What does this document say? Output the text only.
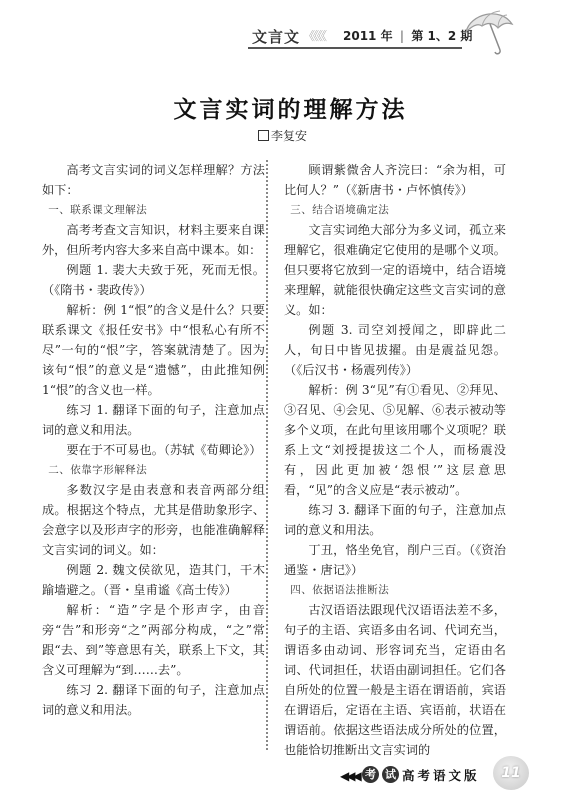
文言文 《《《《	2011 年 | 第 1、2 期
文言实词的理解方法
李复安

高考文言实词的词义怎样理解？方法如下：

一、联系课文理解法

高考考查文言知识，材料主要来自课外，但所考内容大多来自高中课本。如：

例题 1. 裴大夫致于死，死而无恨。（《隋书・裴政传》）

解析：例 1“恨”的含义是什么？只要联系课文《报任安书》中“恨私心有所不尽”一句的“恨”字，答案就清楚了。因为该句“恨”的意义是“遗憾”，由此推知例 1“恨”的含义也一样。

练习 1. 翻译下面的句子，注意加点词的意义和用法。

要在于不可易也。（苏轼《荀卿论》）

二、依靠字形解释法

多数汉字是由表意和表音两部分组成。根据这个特点，尤其是借助象形字、会意字以及形声字的形旁，也能准确解释文言实词的词义。如：

例题 2. 魏文侯欲见，造其门，干木踰墙避之。（晋・皇甫谧《高士传》）

解析：“造”字是个形声字，由音旁“告”和形旁“之”两部分构成，“之”常跟“去、到”等意思有关，联系上下文，其含义可理解为“到……去”。

练习 2. 翻译下面的句子，注意加点词的意义和用法。

顾谓紫微舍人齐浣曰：“余为相，可比何人？”（《新唐书・卢怀慎传》）

三、结合语境确定法

文言实词绝大部分为多义词，孤立来理解它，很难确定它使用的是哪个义项。但只要将它放到一定的语境中，结合语境来理解，就能很快确定这些文言实词的意义。如：

例题 3. 司空刘授闻之，即辟此二人，旬日中皆见拔擢。由是震益见怨。（《后汉书・杨震列传》）

解析：例 3“见”有①看见、②拜见、③召见、④会见、⑤见解、⑥表示被动等多个义项，在此句里该用哪个义项呢？联系上文“刘授提拔这二个人，而杨震没有，因此更加被‘怨恨’”这层意思看，“见”的含义应是“表示被动”。

练习 3. 翻译下面的句子，注意加点词的意义和用法。

丁丑，恪坐免官，削户三百。（《资治通鉴・唐记》）

四、依据语法推断法

古汉语语法跟现代汉语语法差不多，句子的主语、宾语多由名词、代词充当，谓语多由动词、形容词充当，定语由名词、代词担任，状语由副词担任。它们各自所处的位置一般是主语在谓语前，宾语在谓语后，定语在主语、宾语前，状语在谓语前。依据这些语法成分所处的位置，也能恰切推断出文言实词的

◀◀◀ 考 试 高考语文版	11
